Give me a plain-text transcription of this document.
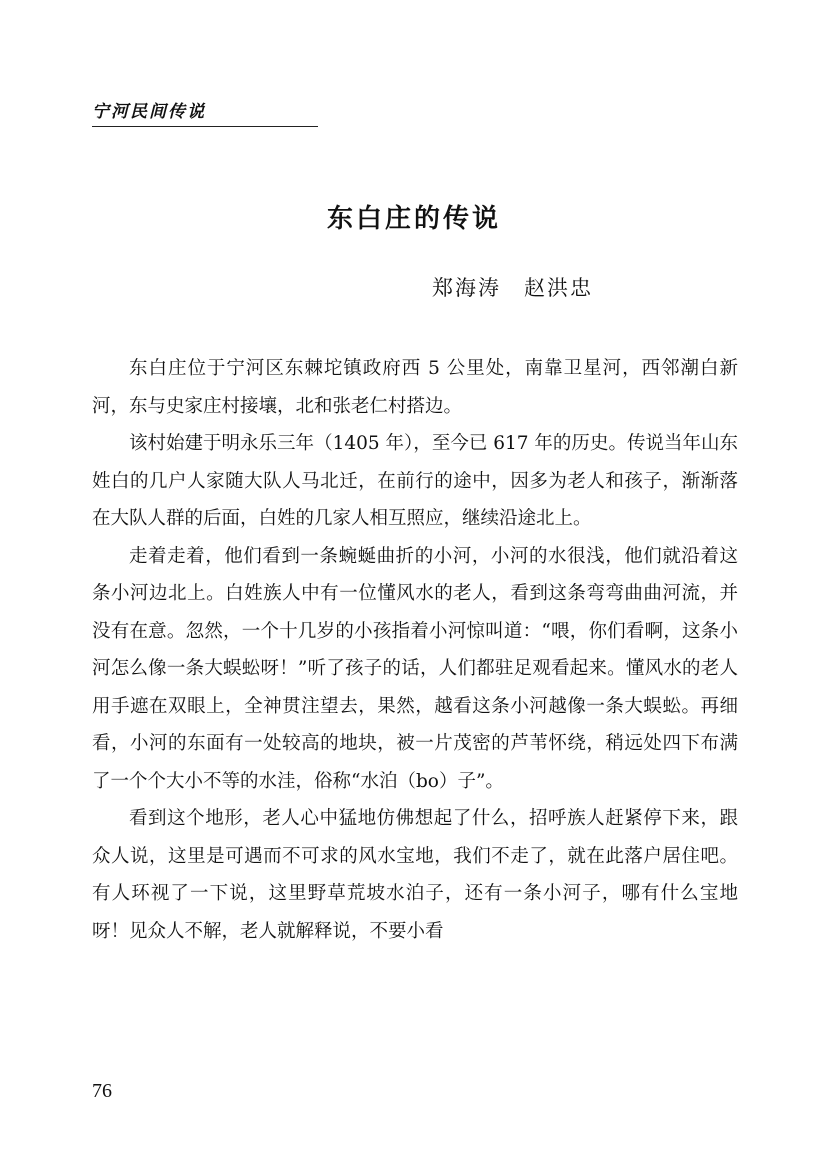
宁河民间传说
东白庄的传说
郑海涛　赵洪忠

东白庄位于宁河区东棘坨镇政府西 5 公里处，南靠卫星河，西邻潮白新河，东与史家庄村接壤，北和张老仁村搭边。

该村始建于明永乐三年（1405 年），至今已 617 年的历史。传说当年山东姓白的几户人家随大队人马北迁，在前行的途中，因多为老人和孩子，渐渐落在大队人群的后面，白姓的几家人相互照应，继续沿途北上。

走着走着，他们看到一条蜿蜒曲折的小河，小河的水很浅，他们就沿着这条小河边北上。白姓族人中有一位懂风水的老人，看到这条弯弯曲曲河流，并没有在意。忽然，一个十几岁的小孩指着小河惊叫道：“喂，你们看啊，这条小河怎么像一条大蜈蚣呀！”听了孩子的话，人们都驻足观看起来。懂风水的老人用手遮在双眼上，全神贯注望去，果然，越看这条小河越像一条大蜈蚣。再细看，小河的东面有一处较高的地块，被一片茂密的芦苇怀绕，稍远处四下布满了一个个大小不等的水洼，俗称“水泊（bo）子”。

看到这个地形，老人心中猛地仿佛想起了什么，招呼族人赶紧停下来，跟众人说，这里是可遇而不可求的风水宝地，我们不走了，就在此落户居住吧。有人环视了一下说，这里野草荒坡水泊子，还有一条小河子，哪有什么宝地呀！见众人不解，老人就解释说，不要小看

76
